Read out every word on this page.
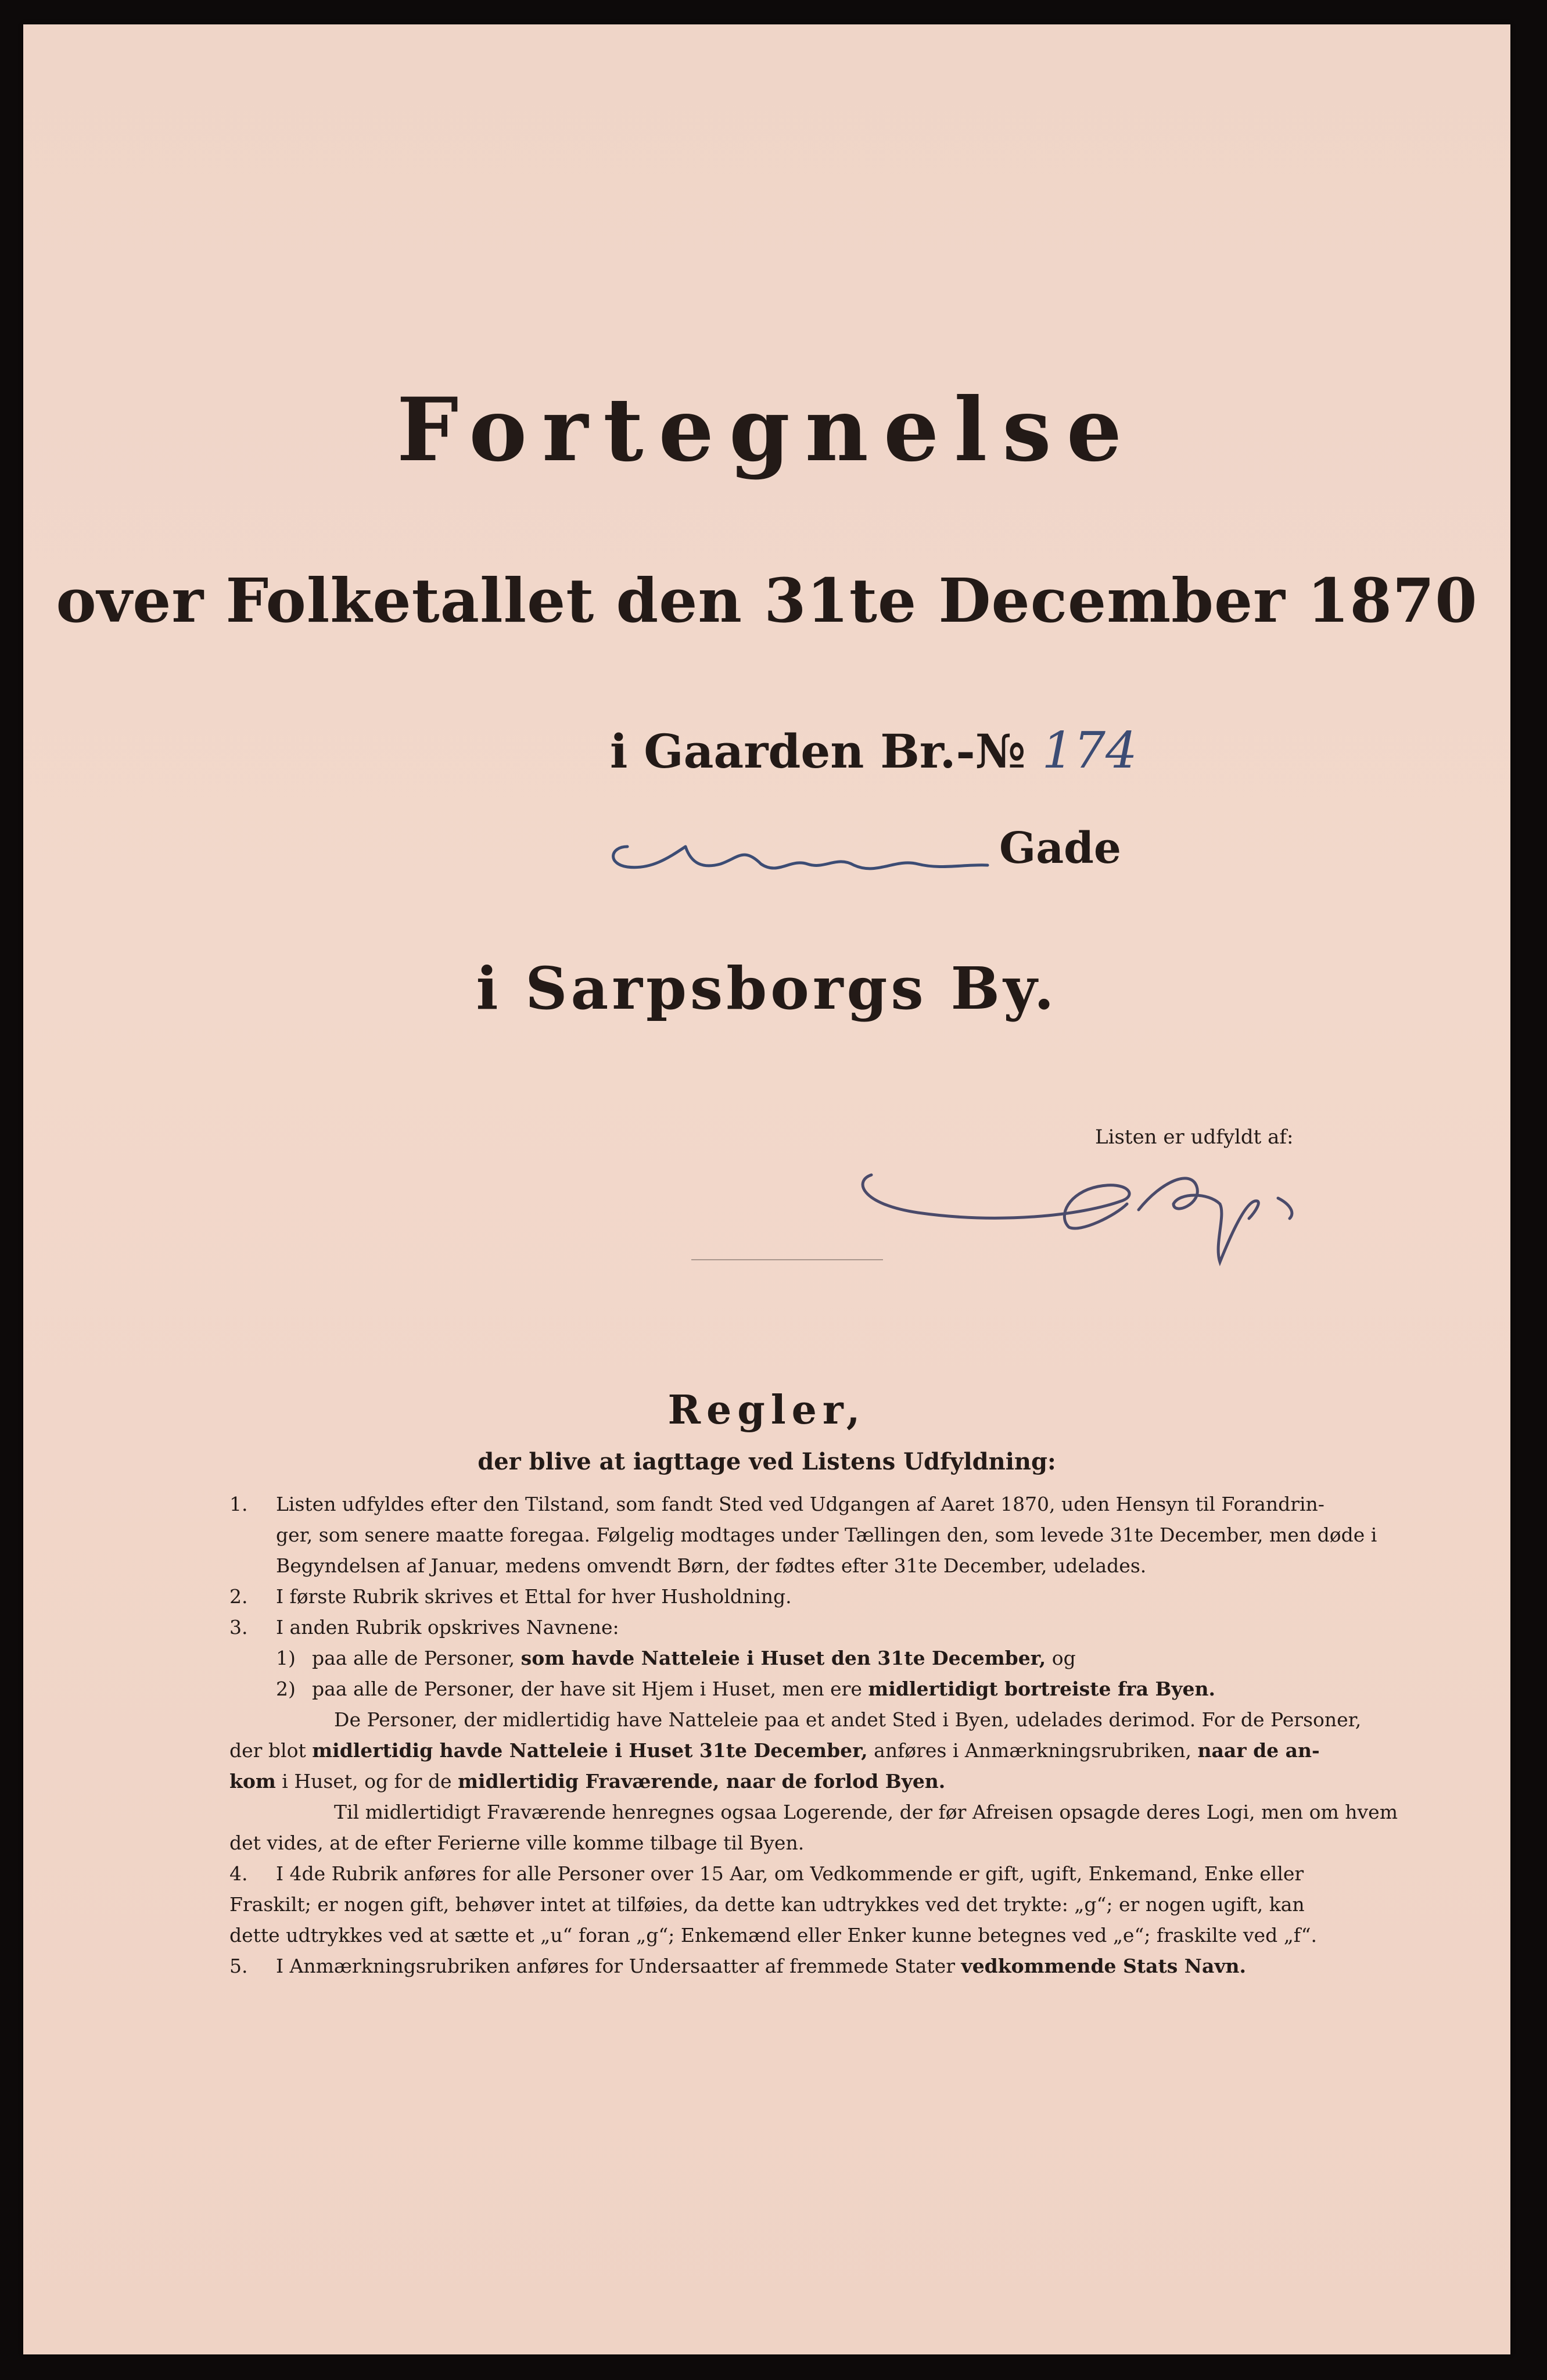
Fortegnelse
over Folketallet den 31te December 1870
i Gaarden Br.-№ 174
Gade
i Sarpsborgs By.
Listen er udfyldt af:
Regler,
der blive at iagttage ved Listens Udfyldning:
1. Listen udfyldes efter den Tilstand, som fandt Sted ved Udgangen af Aaret 1870, uden Hensyn til Forandrin-
ger, som senere maatte foregaa. Følgelig modtages under Tællingen den, som levede 31te December, men døde i
Begyndelsen af Januar, medens omvendt Børn, der fødtes efter 31te December, udelades.
2. I første Rubrik skrives et Ettal for hver Husholdning.
3. I anden Rubrik opskrives Navnene:
1) paa alle de Personer, som havde Natteleie i Huset den 31te December, og
2) paa alle de Personer, der have sit Hjem i Huset, men ere midlertidigt bortreiste fra Byen.
De Personer, der midlertidig have Natteleie paa et andet Sted i Byen, udelades derimod. For de Personer,
der blot midlertidig havde Natteleie i Huset 31te December, anføres i Anmærkningsrubriken, naar de an-
kom i Huset, og for de midlertidig Fraværende, naar de forlod Byen.
Til midlertidigt Fraværende henregnes ogsaa Logerende, der før Afreisen opsagde deres Logi, men om hvem
det vides, at de efter Ferierne ville komme tilbage til Byen.
4. I 4de Rubrik anføres for alle Personer over 15 Aar, om Vedkommende er gift, ugift, Enkemand, Enke eller
Fraskilt; er nogen gift, behøver intet at tilføies, da dette kan udtrykkes ved det trykte: „g“; er nogen ugift, kan
dette udtrykkes ved at sætte et „u“ foran „g“; Enkemænd eller Enker kunne betegnes ved „e“; fraskilte ved „f“.
5. I Anmærkningsrubriken anføres for Undersaatter af fremmede Stater vedkommende Stats Navn.
